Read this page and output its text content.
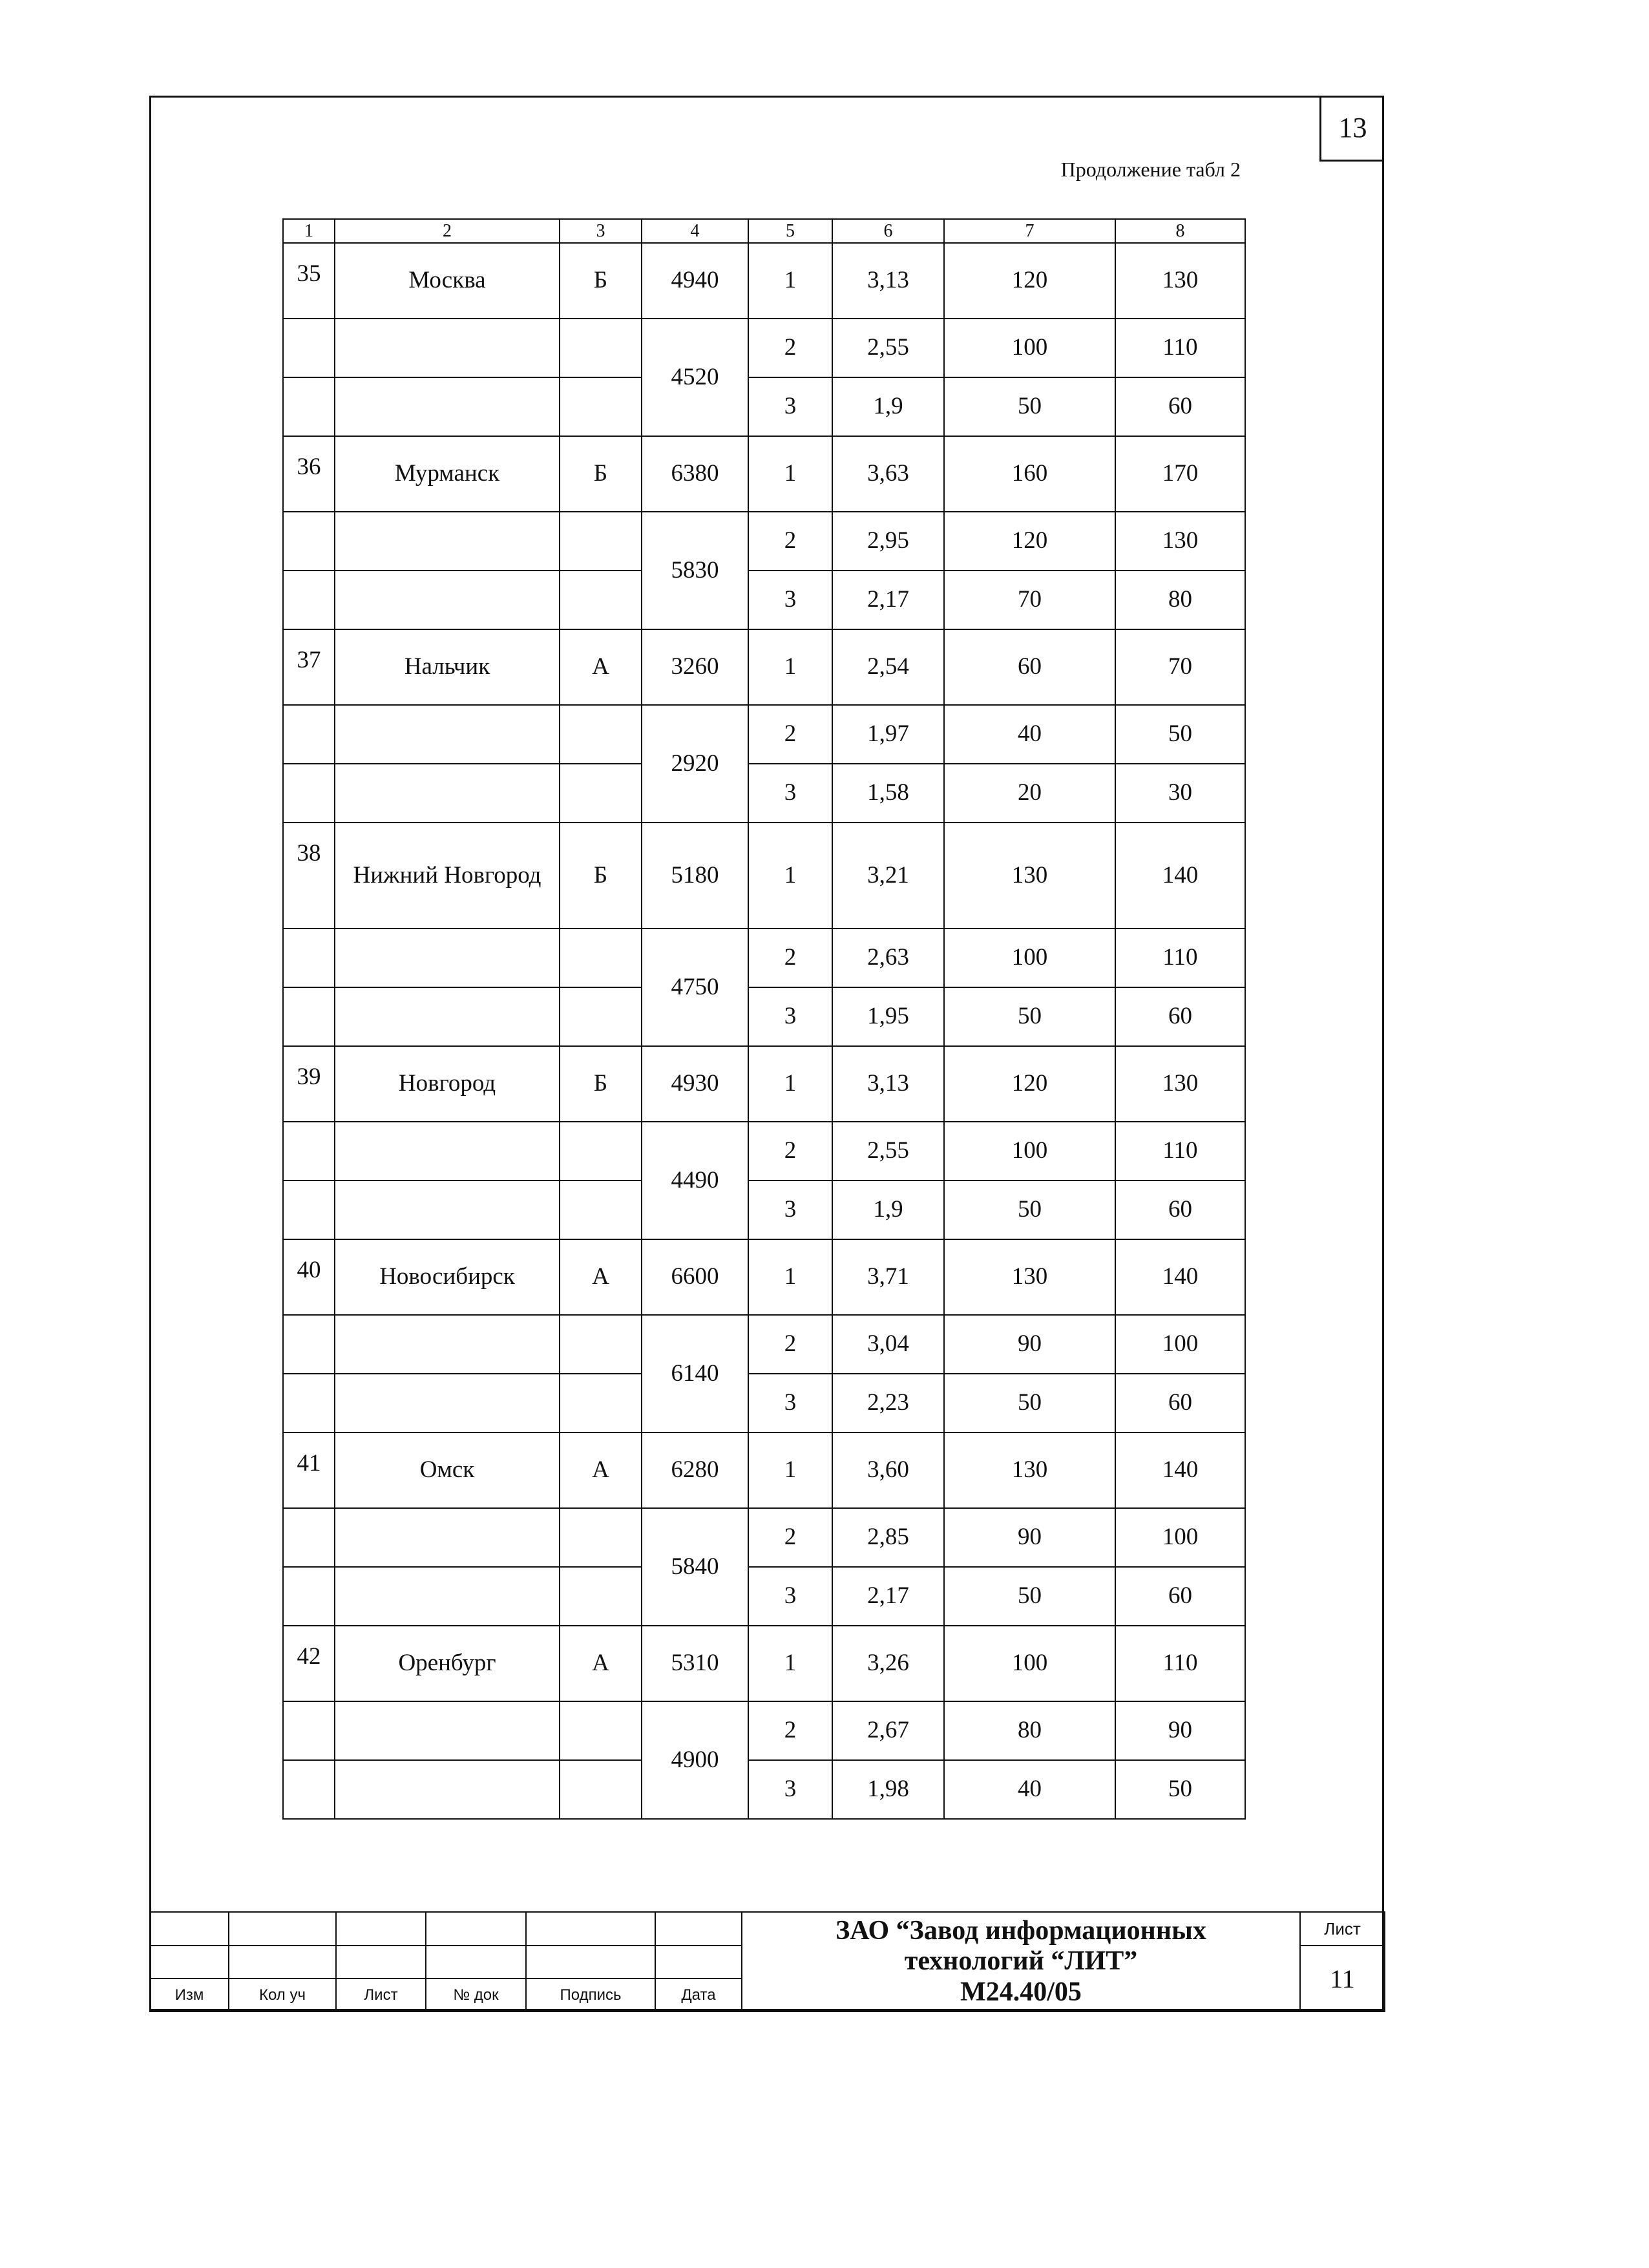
13
Продолжение табл 2
1	2	3	4	5	6	7	8
35	Москва	Б	4940	1	3,13	120	130
			4520	2	2,55	100	110
				3	1,9	50	60
36	Мурманск	Б	6380	1	3,63	160	170
			5830	2	2,95	120	130
				3	2,17	70	80
37	Нальчик	А	3260	1	2,54	60	70
			2920	2	1,97	40	50
				3	1,58	20	30
38	Нижний Новгород	Б	5180	1	3,21	130	140
			4750	2	2,63	100	110
				3	1,95	50	60
39	Новгород	Б	4930	1	3,13	120	130
			4490	2	2,55	100	110
				3	1,9	50	60
40	Новосибирск	А	6600	1	3,71	130	140
			6140	2	3,04	90	100
				3	2,23	50	60
41	Омск	А	6280	1	3,60	130	140
			5840	2	2,85	90	100
				3	2,17	50	60
42	Оренбург	А	5310	1	3,26	100	110
			4900	2	2,67	80	90
				3	1,98	40	50

						ЗАО “Завод информационных
технологий “ЛИТ”
М24.40/05	Лист
							11
Изм	Кол уч	Лист	№ док	Подпись	Дата		
